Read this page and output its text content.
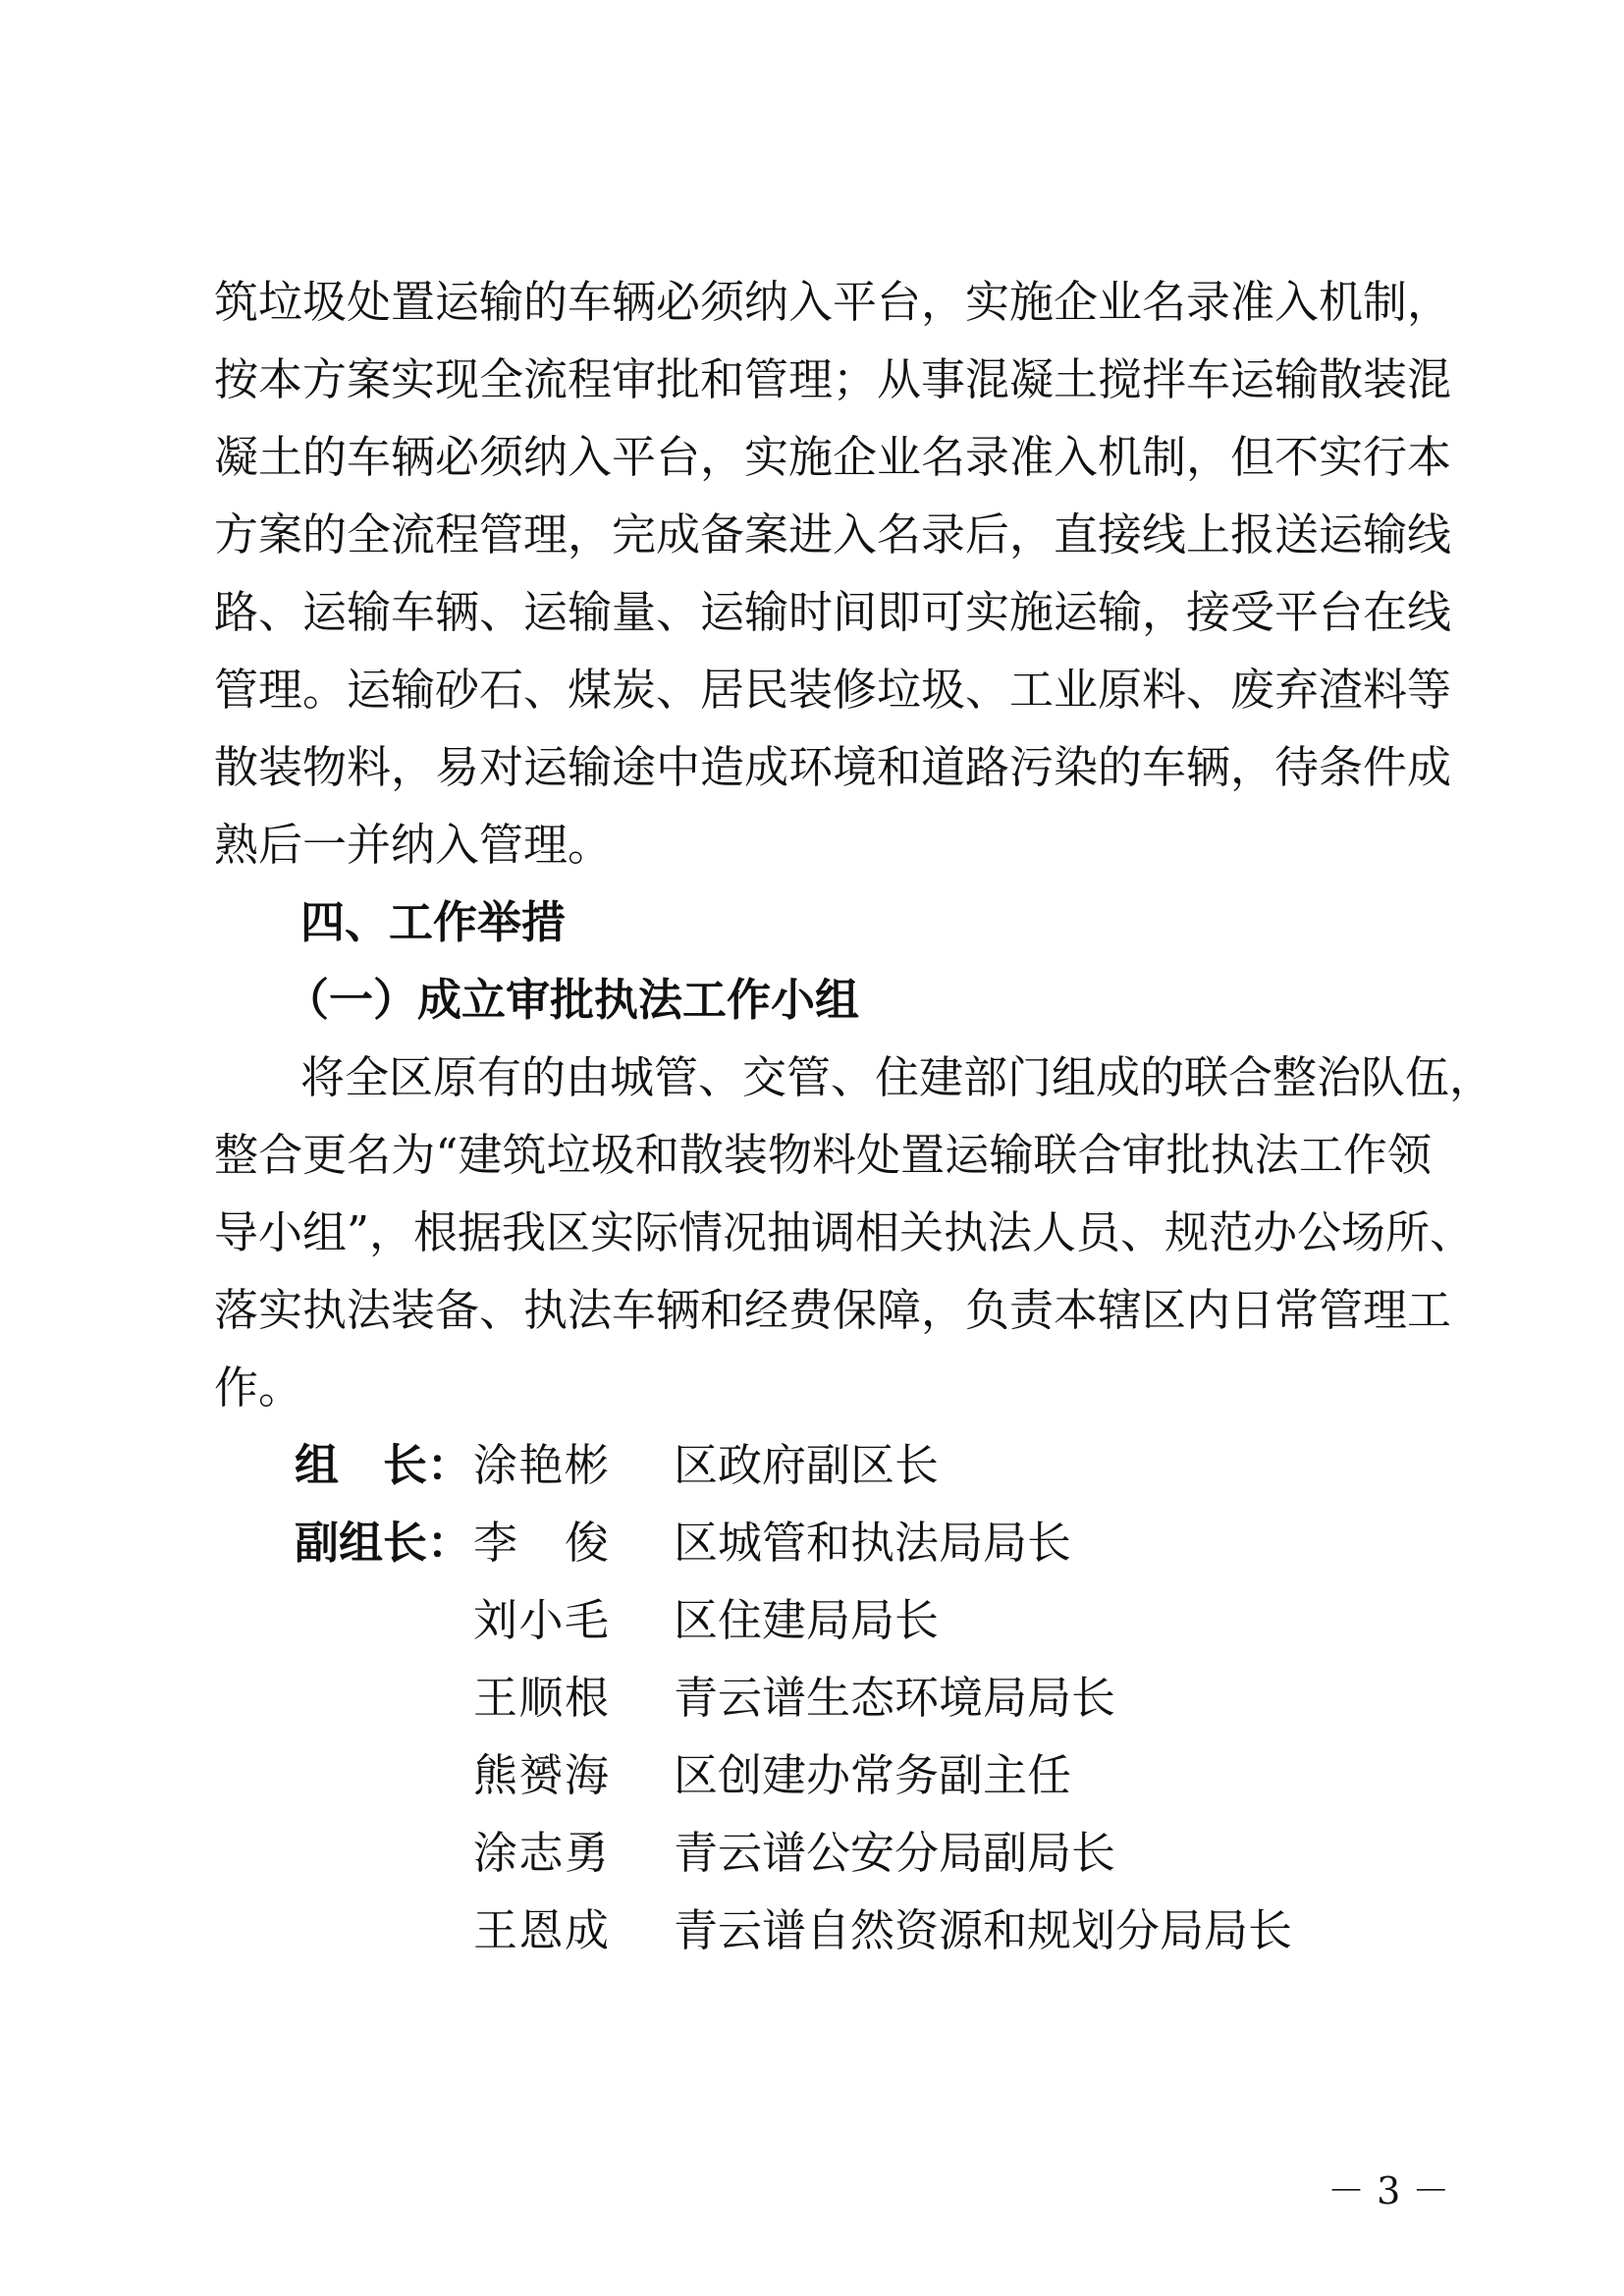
筑垃圾处置运输的车辆必须纳入平台，实施企业名录准入机制，
按本方案实现全流程审批和管理；从事混凝土搅拌车运输散装混
凝土的车辆必须纳入平台，实施企业名录准入机制，但不实行本
方案的全流程管理，完成备案进入名录后，直接线上报送运输线
路、运输车辆、运输量、运输时间即可实施运输，接受平台在线
管理。运输砂石、煤炭、居民装修垃圾、工业原料、废弃渣料等
散装物料，易对运输途中造成环境和道路污染的车辆，待条件成
熟后一并纳入管理。
四、工作举措
（一）成立审批执法工作小组
将全区原有的由城管、交管、住建部门组成的联合整治队伍，
整合更名为“建筑垃圾和散装物料处置运输联合审批执法工作领
导小组”，根据我区实际情况抽调相关执法人员、规范办公场所、
落实执法装备、执法车辆和经费保障，负责本辖区内日常管理工
作。
组　长： 涂艳彬 区政府副区长
副组长： 李俊 区城管和执法局局长
刘小毛 区住建局局长
王顺根 青云谱生态环境局局长
熊赟海 区创建办常务副主任
涂志勇 青云谱公安分局副局长
王恩成 青云谱自然资源和规划分局局长
－ 3 －
